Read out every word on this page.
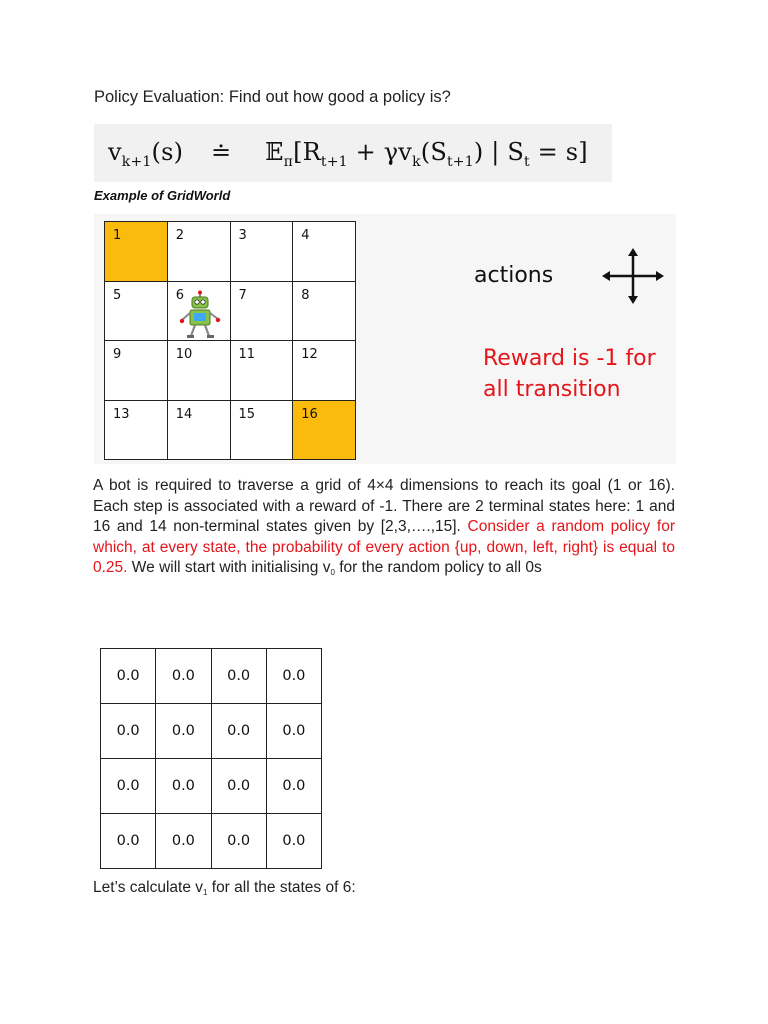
Policy Evaluation: Find out how good a policy is?
$v_{k+1}(s)$ ≐ $𝔼_\pi[R_{t+1} + \gamma v_k(S_{t+1})$ | $S_t = s$]
Example of GridWorld
1	2	3	4
5	6	7	8
9	10	11	12
13	14	15	16
actions
Reward is -1 for
all transition
A bot is required to traverse a grid of 4×4 dimensions to reach its goal (1 or 16). Each step is associated with a reward of -1. There are 2 terminal states here: 1 and 16 and 14 non-terminal states given by [2,3,….,15]. Consider a random policy for which, at every state, the probability of every action {up, down, left, right} is equal to 0.25. We will start with initialising $v_0$ for the random policy to all 0s
0.0	0.0	0.0	0.0
0.0	0.0	0.0	0.0
0.0	0.0	0.0	0.0
0.0	0.0	0.0	0.0
Let’s calculate $v_1$ for all the states of 6:
